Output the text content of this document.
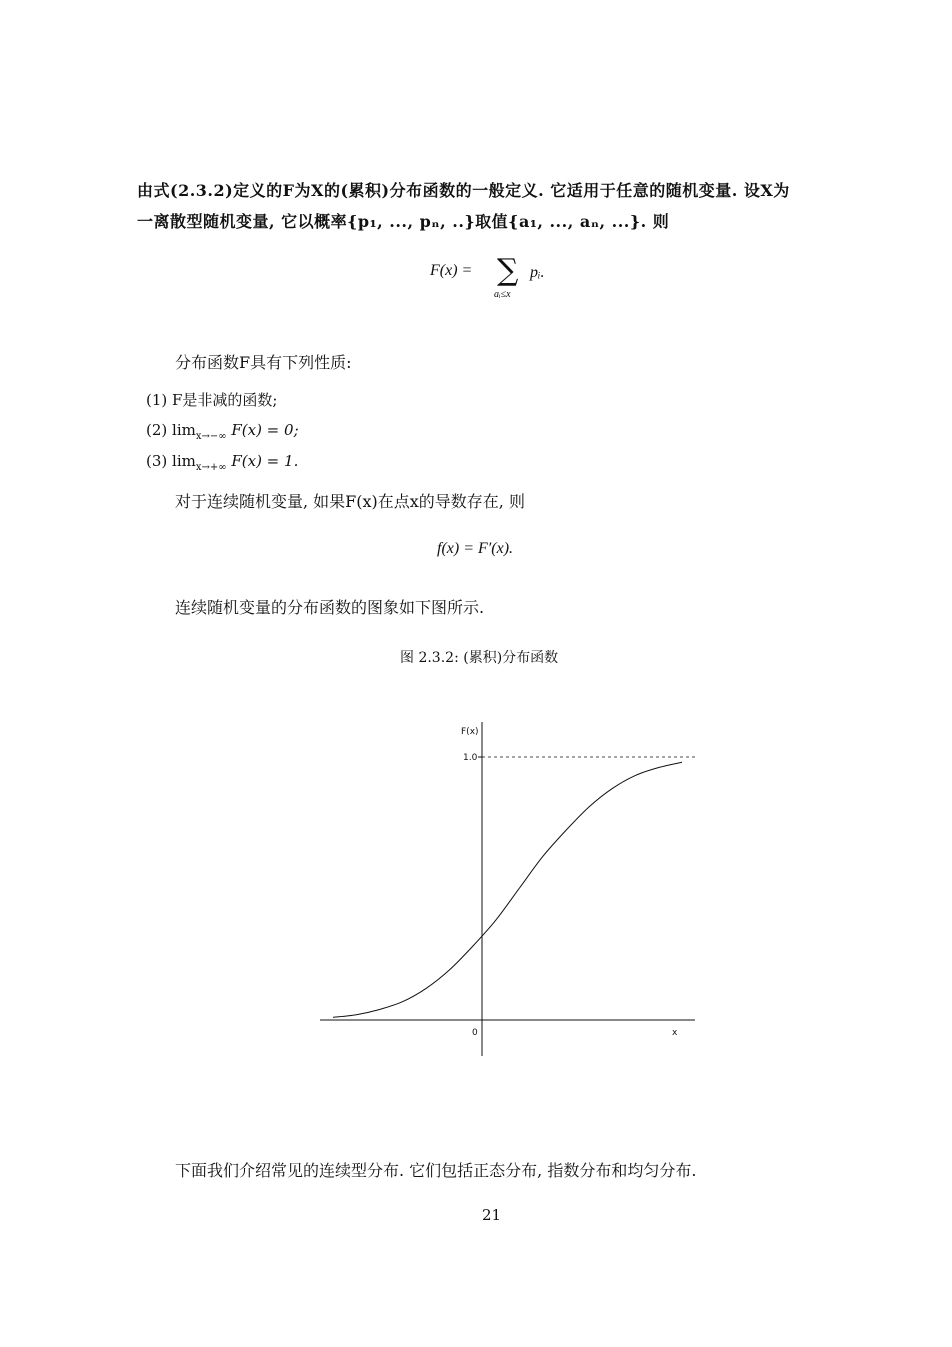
由式(2.3.2)定义的F为X的(累积)分布函数的一般定义. 它适用于任意的随机变量. 设X为
一离散型随机变量, 它以概率{p₁, ..., pₙ, ..}取值{a₁, ..., aₙ, ...}. 则
F(x) = ∑ pᵢ.
aᵢ≤x
分布函数F具有下列性质:
(1) F是非减的函数;
(2) $\lim_{x\to-\infty} F(x) = 0$;
(3) $\lim_{x\to+\infty} F(x) = 1$.
对于连续随机变量, 如果F(x)在点x的导数存在, 则
f(x) = F′(x).
连续随机变量的分布函数的图象如下图所示.
图 2.3.2: (累积)分布函数
F(x)
1.0
0	x
下面我们介绍常见的连续型分布. 它们包括正态分布, 指数分布和均匀分布.
21
